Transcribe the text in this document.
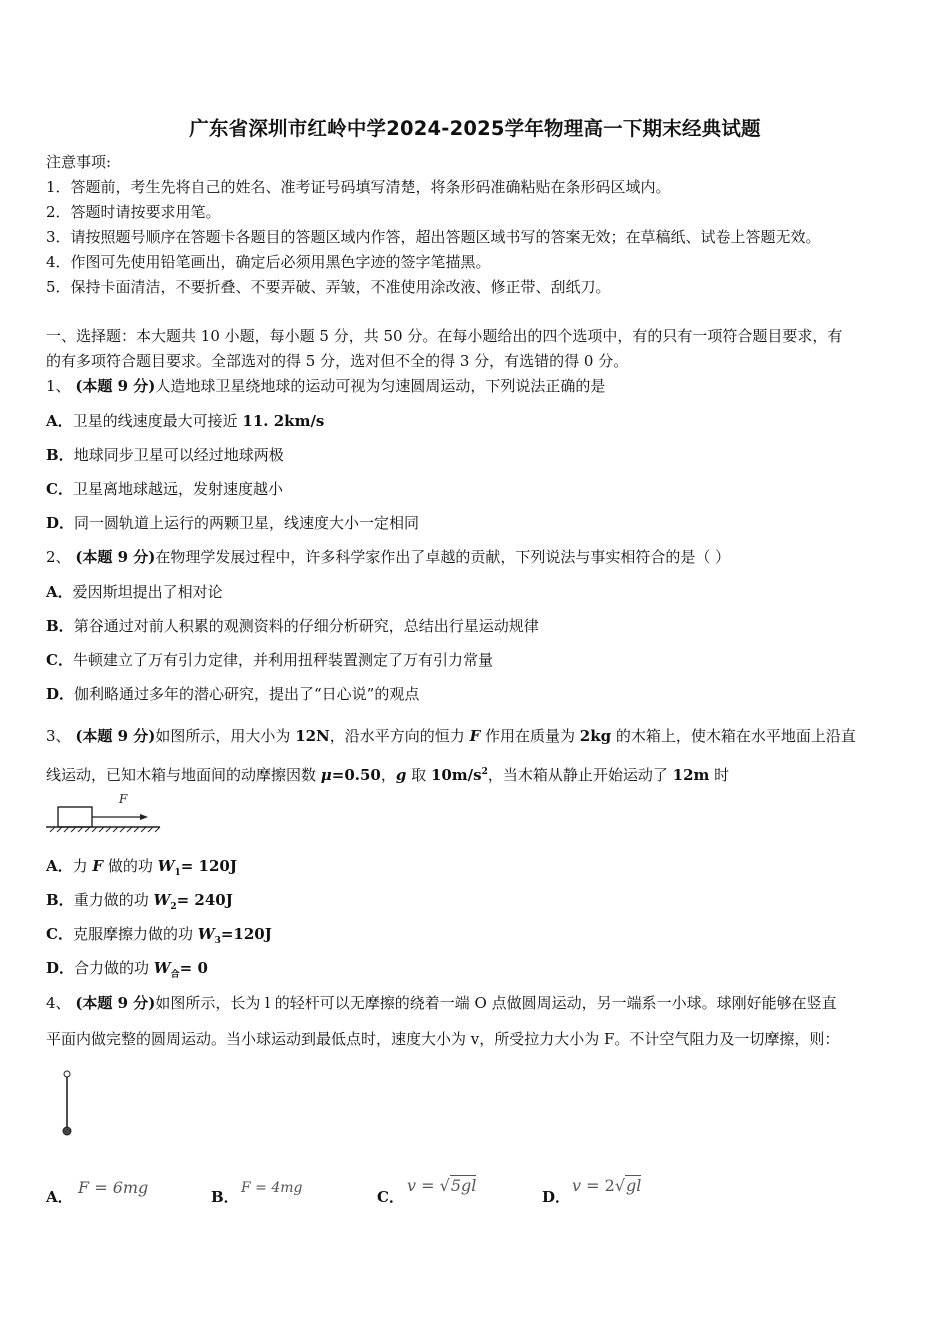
广东省深圳市红岭中学2024-2025学年物理高一下期末经典试题
注意事项:
1．答题前，考生先将自己的姓名、准考证号码填写清楚，将条形码准确粘贴在条形码区域内。
2．答题时请按要求用笔。
3．请按照题号顺序在答题卡各题目的答题区域内作答，超出答题区域书写的答案无效；在草稿纸、试卷上答题无效。
4．作图可先使用铅笔画出，确定后必须用黑色字迹的签字笔描黑。
5．保持卡面清洁，不要折叠、不要弄破、弄皱，不准使用涂改液、修正带、刮纸刀。
一、选择题：本大题共 10 小题，每小题 5 分，共 50 分。在每小题给出的四个选项中，有的只有一项符合题目要求，有
的有多项符合题目要求。全部选对的得 5 分，选对但不全的得 3 分，有选错的得 0 分。
1、 (本题 9 分)人造地球卫星绕地球的运动可视为匀速圆周运动，下列说法正确的是
A．卫星的线速度最大可接近 11. 2km/s
B．地球同步卫星可以经过地球两极
C．卫星离地球越远，发射速度越小
D．同一圆轨道上运行的两颗卫星，线速度大小一定相同
2、 (本题 9 分)在物理学发展过程中，许多科学家作出了卓越的贡献，下列说法与事实相符合的是（ ）
A．爱因斯坦提出了相对论
B．第谷通过对前人积累的观测资料的仔细分析研究，总结出行星运动规律
C．牛顿建立了万有引力定律，并利用扭秤装置测定了万有引力常量
D．伽利略通过多年的潜心研究，提出了“日心说”的观点
3、 (本题 9 分)如图所示，用大小为 12N，沿水平方向的恒力 F 作用在质量为 2kg 的木箱上，使木箱在水平地面上沿直
线运动，已知木箱与地面间的动摩擦因数 μ=0.50，g 取 $10m/s^2$，当木箱从静止开始运动了 12m 时
F
A．力 F 做的功 $W_1= 120J$
B．重力做的功 $W_2= 240J$
C．克服摩擦力做的功 $W_3=120J$
D．合力做的功 $W_合= 0$
4、 (本题 9 分)如图所示，长为 l 的轻杆可以无摩擦的绕着一端 O 点做圆周运动，另一端系一小球。球刚好能够在竖直
平面内做完整的圆周运动。当小球运动到最低点时，速度大小为 v，所受拉力大小为 F。不计空气阻力及一切摩擦，则：
A． F = 6mg	B． F = 4mg	C．
v = √5gl
D．
v = 2√gl
